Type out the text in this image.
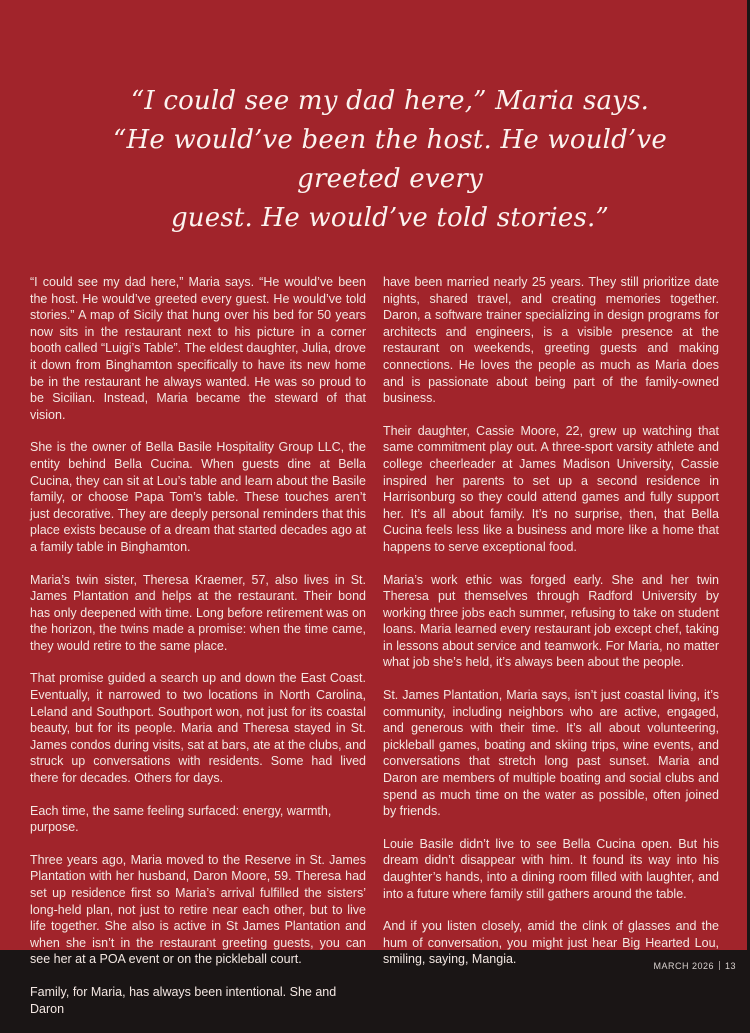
“I could see my dad here,” Maria says.

“He would’ve been the host. He would’ve greeted every

guest. He would’ve told stories.”

“I could see my dad here,” Maria says. “He would’ve been the host. He would’ve greeted every guest. He would’ve told stories.” A map of Sicily that hung over his bed for 50 years now sits in the restaurant next to his picture in a corner booth called “Luigi’s Table”. The eldest daughter, Julia, drove it down from Binghamton specifically to have its new home be in the restaurant he always wanted. He was so proud to be Sicilian. Instead, Maria became the steward of that vision.

She is the owner of Bella Basile Hospitality Group LLC, the entity behind Bella Cucina. When guests dine at Bella Cucina, they can sit at Lou’s table and learn about the Basile family, or choose Papa Tom’s table. These touches aren’t just decorative. They are deeply personal reminders that this place exists because of a dream that started decades ago at a family table in Binghamton.

Maria’s twin sister, Theresa Kraemer, 57, also lives in St. James Plantation and helps at the restaurant. Their bond has only deepened with time. Long before retirement was on the horizon, the twins made a promise: when the time came, they would retire to the same place.

That promise guided a search up and down the East Coast. Eventually, it narrowed to two locations in North Carolina, Leland and Southport. Southport won, not just for its coastal beauty, but for its people. Maria and Theresa stayed in St. James condos during visits, sat at bars, ate at the clubs, and struck up conversations with residents. Some had lived there for decades. Others for days.

Each time, the same feeling surfaced: energy, warmth, purpose.

Three years ago, Maria moved to the Reserve in St. James Plantation with her husband, Daron Moore, 59. Theresa had set up residence first so Maria’s arrival fulfilled the sisters’ long-held plan, not just to retire near each other, but to live life together. She also is active in St James Plantation and when she isn’t in the restaurant greeting guests, you can see her at a POA event or on the pickleball court.

Family, for Maria, has always been intentional. She and Daron

have been married nearly 25 years. They still prioritize date nights, shared travel, and creating memories together. Daron, a software trainer specializing in design programs for architects and engineers, is a visible presence at the restaurant on weekends, greeting guests and making connections. He loves the people as much as Maria does and is passionate about being part of the family-owned business.

Their daughter, Cassie Moore, 22, grew up watching that same commitment play out. A three-sport varsity athlete and college cheerleader at James Madison University, Cassie inspired her parents to set up a second residence in Harrisonburg so they could attend games and fully support her. It’s all about family. It’s no surprise, then, that Bella Cucina feels less like a business and more like a home that happens to serve exceptional food.

Maria’s work ethic was forged early. She and her twin Theresa put themselves through Radford University by working three jobs each summer, refusing to take on student loans. Maria learned every restaurant job except chef, taking in lessons about service and teamwork. For Maria, no matter what job she’s held, it’s always been about the people.

St. James Plantation, Maria says, isn’t just coastal living, it’s community, including neighbors who are active, engaged, and generous with their time. It’s all about volunteering, pickleball games, boating and skiing trips, wine events, and conversations that stretch long past sunset. Maria and Daron are members of multiple boating and social clubs and spend as much time on the water as possible, often joined by friends.

Louie Basile didn’t live to see Bella Cucina open. But his dream didn’t disappear with him. It found its way into his daughter’s hands, into a dining room filled with laughter, and into a future where family still gathers around the table.

And if you listen closely, amid the clink of glasses and the hum of conversation, you might just hear Big Hearted Lou, smiling, saying, Mangia.	MARCH 2026 13
